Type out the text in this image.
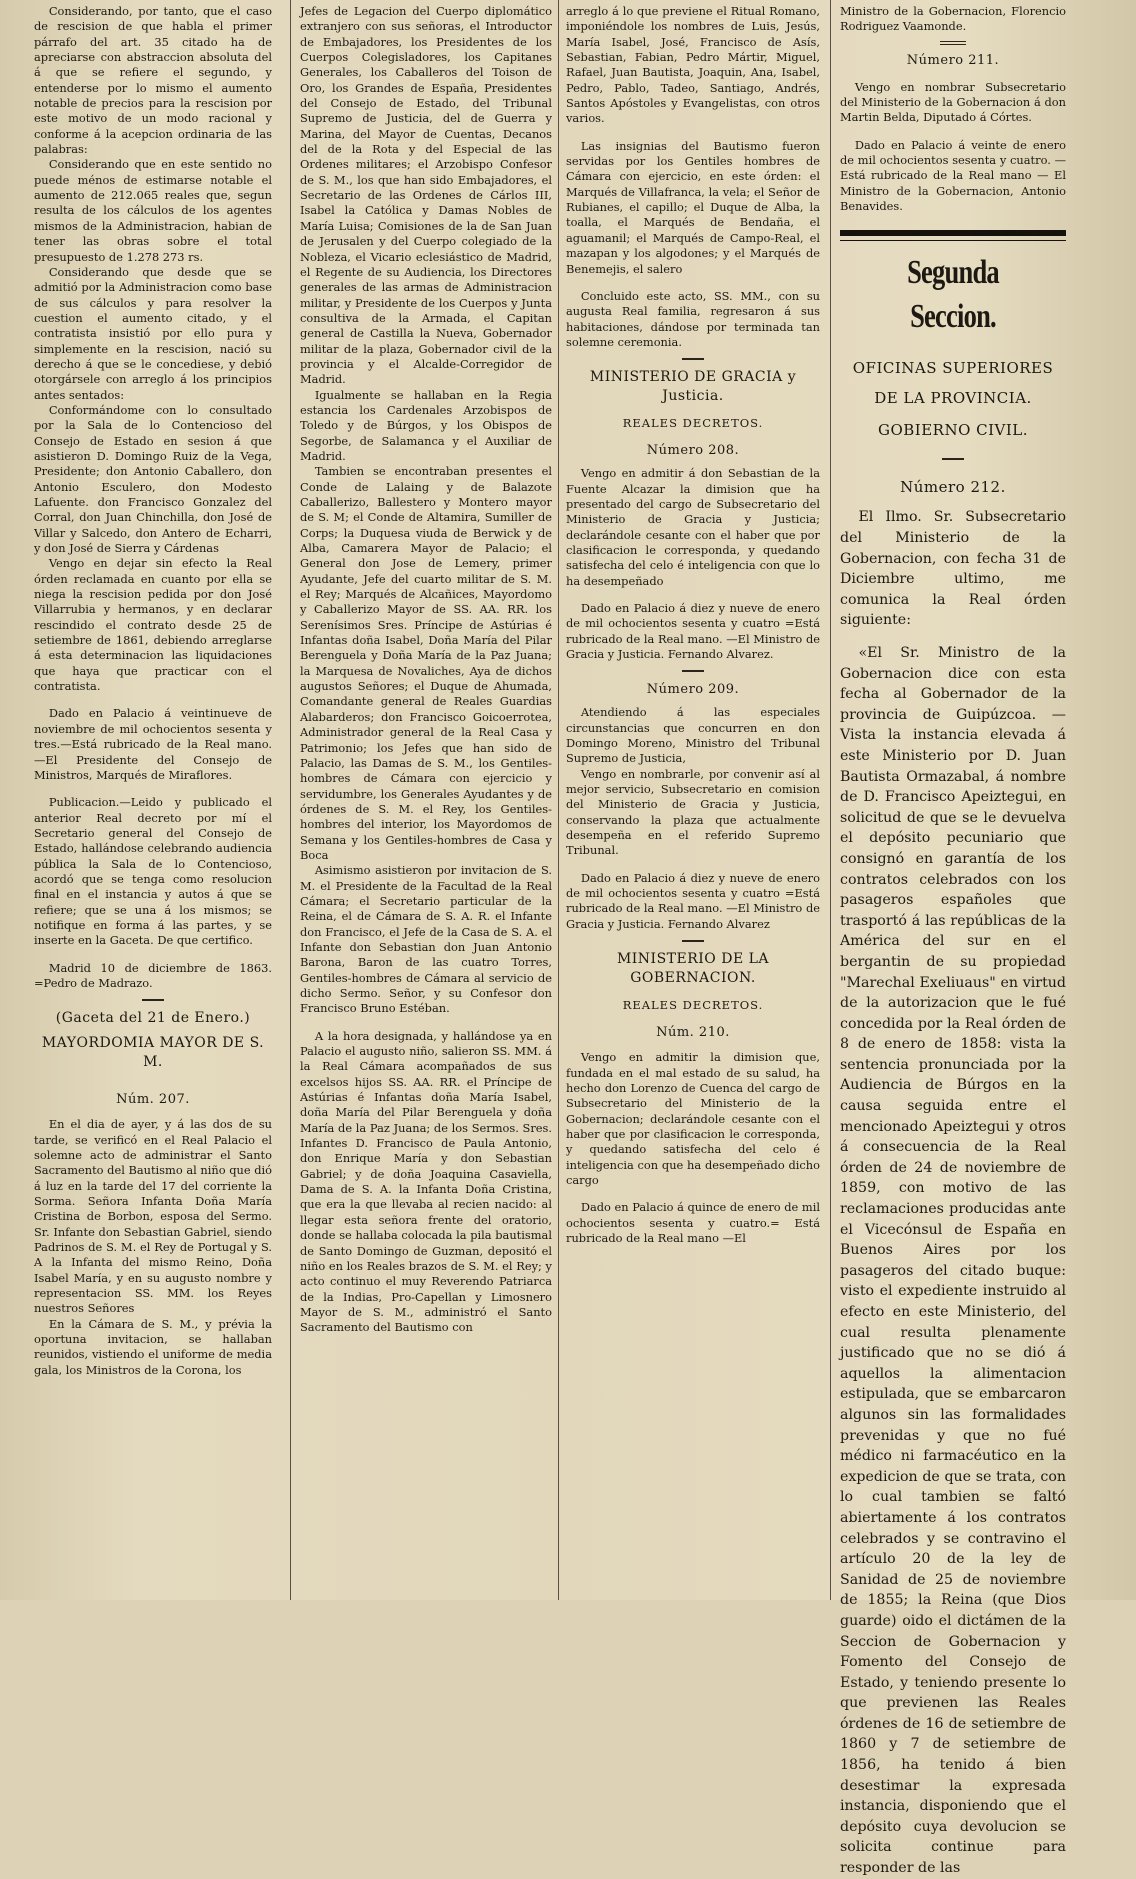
Considerando, por tanto, que el caso de rescision de que habla el primer párrafo del art. 35 citado ha de apreciarse con abstraccion absoluta del á que se refiere el segundo, y entenderse por lo mismo el aumento notable de precios para la rescision por este motivo de un modo racional y conforme á la acepcion ordinaria de las palabras:

Considerando que en este sentido no puede ménos de estimarse notable el aumento de 212.065 reales que, segun resulta de los cálculos de los agentes mismos de la Administracion, habian de tener las obras sobre el total presupuesto de 1.278 273 rs.

Considerando que desde que se admitió por la Administracion como base de sus cálculos y para resolver la cuestion el aumento citado, y el contratista insistió por ello pura y simplemente en la rescision, nació su derecho á que se le concediese, y debió otorgársele con arreglo á los principios antes sentados:

Conformándome con lo consultado por la Sala de lo Contencioso del Consejo de Estado en sesion á que asistieron D. Domingo Ruiz de la Vega, Presidente; don Antonio Caballero, don Antonio Esculero, don Modesto Lafuente. don Francisco Gonzalez del Corral, don Juan Chinchilla, don José de Villar y Salcedo, don Antero de Echarri, y don José de Sierra y Cárdenas

Vengo en dejar sin efecto la Real órden reclamada en cuanto por ella se niega la rescision pedida por don José Villarrubia y hermanos, y en declarar rescindido el contrato desde 25 de setiembre de 1861, debiendo arreglarse á esta determinacion las liquidaciones que haya que practicar con el contratista.

Dado en Palacio á veintinueve de noviembre de mil ochocientos sesenta y tres.—Está rubricado de la Real mano. —El Presidente del Consejo de Ministros, Marqués de Miraflores.

Publicacion.—Leido y publicado el anterior Real decreto por mí el Secretario general del Consejo de Estado, hallándose celebrando audiencia pública la Sala de lo Contencioso, acordó que se tenga como resolucion final en el instancia y autos á que se refiere; que se una á los mismos; se notifique en forma á las partes, y se inserte en la Gaceta. De que certifico.

Madrid 10 de diciembre de 1863. =Pedro de Madrazo.

(Gaceta del 21 de Enero.)

MAYORDOMIA MAYOR DE S. M.

Núm. 207.

En el dia de ayer, y á las dos de su tarde, se verificó en el Real Palacio el solemne acto de administrar el Santo Sacramento del Bautismo al niño que dió á luz en la tarde del 17 del corriente la Sorma. Señora Infanta Doña María Cristina de Borbon, esposa del Sermo. Sr. Infante don Sebastian Gabriel, siendo Padrinos de S. M. el Rey de Portugal y S. A la Infanta del mismo Reino, Doña Isabel María, y en su augusto nombre y representacion SS. MM. los Reyes nuestros Señores

En la Cámara de S. M., y prévia la oportuna invitacion, se hallaban reunidos, vistiendo el uniforme de media gala, los Ministros de la Corona, los

Jefes de Legacion del Cuerpo diplomático extranjero con sus señoras, el Introductor de Embajadores, los Presidentes de los Cuerpos Colegisladores, los Capitanes Generales, los Caballeros del Toison de Oro, los Grandes de España, Presidentes del Consejo de Estado, del Tribunal Supremo de Justicia, del de Guerra y Marina, del Mayor de Cuentas, Decanos del de la Rota y del Especial de las Ordenes militares; el Arzobispo Confesor de S. M., los que han sido Embajadores, el Secretario de las Ordenes de Cárlos III, Isabel la Católica y Damas Nobles de María Luisa; Comisiones de la de San Juan de Jerusalen y del Cuerpo colegiado de la Nobleza, el Vicario eclesiástico de Madrid, el Regente de su Audiencia, los Directores generales de las armas de Administracion militar, y Presidente de los Cuerpos y Junta consultiva de la Armada, el Capitan general de Castilla la Nueva, Gobernador militar de la plaza, Gobernador civil de la provincia y el Alcalde-Corregidor de Madrid.

Igualmente se hallaban en la Regia estancia los Cardenales Arzobispos de Toledo y de Búrgos, y los Obispos de Segorbe, de Salamanca y el Auxiliar de Madrid.

Tambien se encontraban presentes el Conde de Lalaing y de Balazote Caballerizo, Ballestero y Montero mayor de S. M; el Conde de Altamira, Sumiller de Corps; la Duquesa viuda de Berwick y de Alba, Camarera Mayor de Palacio; el General don Jose de Lemery, primer Ayudante, Jefe del cuarto militar de S. M. el Rey; Marqués de Alcañices, Mayordomo y Caballerizo Mayor de SS. AA. RR. los Serenísimos Sres. Príncipe de Astúrias é Infantas doña Isabel, Doña María del Pilar Berenguela y Doña María de la Paz Juana; la Marquesa de Novaliches, Aya de dichos augustos Señores; el Duque de Ahumada, Comandante general de Reales Guardias Alabarderos; don Francisco Goicoerrotea, Administrador general de la Real Casa y Patrimonio; los Jefes que han sido de Palacio, las Damas de S. M., los Gentiles-hombres de Cámara con ejercicio y servidumbre, los Generales Ayudantes y de órdenes de S. M. el Rey, los Gentiles-hombres del interior, los Mayordomos de Semana y los Gentiles-hombres de Casa y Boca

Asimismo asistieron por invitacion de S. M. el Presidente de la Facultad de la Real Cámara; el Secretario particular de la Reina, el de Cámara de S. A. R. el Infante don Francisco, el Jefe de la Casa de S. A. el Infante don Sebastian don Juan Antonio Barona, Baron de las cuatro Torres, Gentiles-hombres de Cámara al servicio de dicho Sermo. Señor, y su Confesor don Francisco Bruno Estéban.

A la hora designada, y hallándose ya en Palacio el augusto niño, salieron SS. MM. á la Real Cámara acompañados de sus excelsos hijos SS. AA. RR. el Príncipe de Astúrias é Infantas doña María Isabel, doña María del Pilar Berenguela y doña María de la Paz Juana; de los Sermos. Sres. Infantes D. Francisco de Paula Antonio, don Enrique María y don Sebastian Gabriel; y de doña Joaquina Casaviella, Dama de S. A. la Infanta Doña Cristina, que era la que llevaba al recien nacido: al llegar esta señora frente del oratorio, donde se hallaba colocada la pila bautismal de Santo Domingo de Guzman, depositó el niño en los Reales brazos de S. M. el Rey; y acto continuo el muy Reverendo Patriarca de la Indias, Pro-Capellan y Limosnero Mayor de S. M., administró el Santo Sacramento del Bautismo con

arreglo á lo que previene el Ritual Romano, imponiéndole los nombres de Luis, Jesús, María Isabel, José, Francisco de Asís, Sebastian, Fabian, Pedro Mártir, Miguel, Rafael, Juan Bautista, Joaquin, Ana, Isabel, Pedro, Pablo, Tadeo, Santiago, Andrés, Santos Apóstoles y Evangelistas, con otros varios.

Las insignias del Bautismo fueron servidas por los Gentiles hombres de Cámara con ejercicio, en este órden: el Marqués de Villafranca, la vela; el Señor de Rubianes, el capillo; el Duque de Alba, la toalla, el Marqués de Bendaña, el aguamanil; el Marqués de Campo-Real, el mazapan y los algodones; y el Marqués de Benemejis, el salero

Concluido este acto, SS. MM., con su augusta Real familia, regresaron á sus habitaciones, dándose por terminada tan solemne ceremonia.

MINISTERIO DE GRACIA y Justicia.

REALES DECRETOS.

Número 208.

Vengo en admitir á don Sebastian de la Fuente Alcazar la dimision que ha presentado del cargo de Subsecretario del Ministerio de Gracia y Justicia; declarándole cesante con el haber que por clasificacion le corresponda, y quedando satisfecha del celo é inteligencia con que lo ha desempeñado

Dado en Palacio á diez y nueve de enero de mil ochocientos sesenta y cuatro =Está rubricado de la Real mano. —El Ministro de Gracia y Justicia. Fernando Alvarez.

Número 209.

Atendiendo á las especiales circunstancias que concurren en don Domingo Moreno, Ministro del Tribunal Supremo de Justicia,

Vengo en nombrarle, por convenir así al mejor servicio, Subsecretario en comision del Ministerio de Gracia y Justicia, conservando la plaza que actualmente desempeña en el referido Supremo Tribunal.

Dado en Palacio á diez y nueve de enero de mil ochocientos sesenta y cuatro =Está rubricado de la Real mano. —El Ministro de Gracia y Justicia. Fernando Alvarez

MINISTERIO DE LA GOBERNACION.

REALES DECRETOS.

Núm. 210.

Vengo en admitir la dimision que, fundada en el mal estado de su salud, ha hecho don Lorenzo de Cuenca del cargo de Subsecretario del Ministerio de la Gobernacion; declarándole cesante con el haber que por clasificacion le corresponda, y quedando satisfecha del celo é inteligencia con que ha desempeñado dicho cargo

Dado en Palacio á quince de enero de mil ochocientos sesenta y cuatro.= Está rubricado de la Real mano —El

Ministro de la Gobernacion, Florencio Rodriguez Vaamonde.

Número 211.

Vengo en nombrar Subsecretario del Ministerio de la Gobernacion á don Martin Belda, Diputado á Córtes.

Dado en Palacio á veinte de enero de mil ochocientos sesenta y cuatro. —Está rubricado de la Real mano — El Ministro de la Gobernacion, Antonio Benavides.

Segunda Seccion.

OFICINAS SUPERIORES DE LA PROVINCIA.

GOBIERNO CIVIL.

Número 212.

El Ilmo. Sr. Subsecretario del Ministerio de la Gobernacion, con fecha 31 de Diciembre ultimo, me comunica la Real órden siguiente:

«El Sr. Ministro de la Gobernacion dice con esta fecha al Gobernador de la provincia de Guipúzcoa. —Vista la instancia elevada á este Ministerio por D. Juan Bautista Ormazabal, á nombre de D. Francisco Apeiztegui, en solicitud de que se le devuelva el depósito pecuniario que consignó en garantía de los contratos celebrados con los pasageros españoles que trasportó á las repúblicas de la América del sur en el bergantin de su propiedad "Marechal Exeliuaus" en virtud de la autorizacion que le fué concedida por la Real órden de 8 de enero de 1858: vista la sentencia pronunciada por la Audiencia de Búrgos en la causa seguida entre el mencionado Apeiztegui y otros á consecuencia de la Real órden de 24 de noviembre de 1859, con motivo de las reclamaciones producidas ante el Vicecónsul de España en Buenos Aires por los pasageros del citado buque: visto el expediente instruido al efecto en este Ministerio, del cual resulta plenamente justificado que no se dió á aquellos la alimentacion estipulada, que se embarcaron algunos sin las formalidades prevenidas y que no fué médico ni farmacéutico en la expedicion de que se trata, con lo cual tambien se faltó abiertamente á los contratos celebrados y se contravino el artículo 20 de la ley de Sanidad de 25 de noviembre de 1855; la Reina (que Dios guarde) oido el dictámen de la Seccion de Gobernacion y Fomento del Consejo de Estado, y teniendo presente lo que previenen las Reales órdenes de 16 de setiembre de 1860 y 7 de setiembre de 1856, ha tenido á bien desestimar la expresada instancia, disponiendo que el depósito cuya devolucion se solicita continue para responder de las
